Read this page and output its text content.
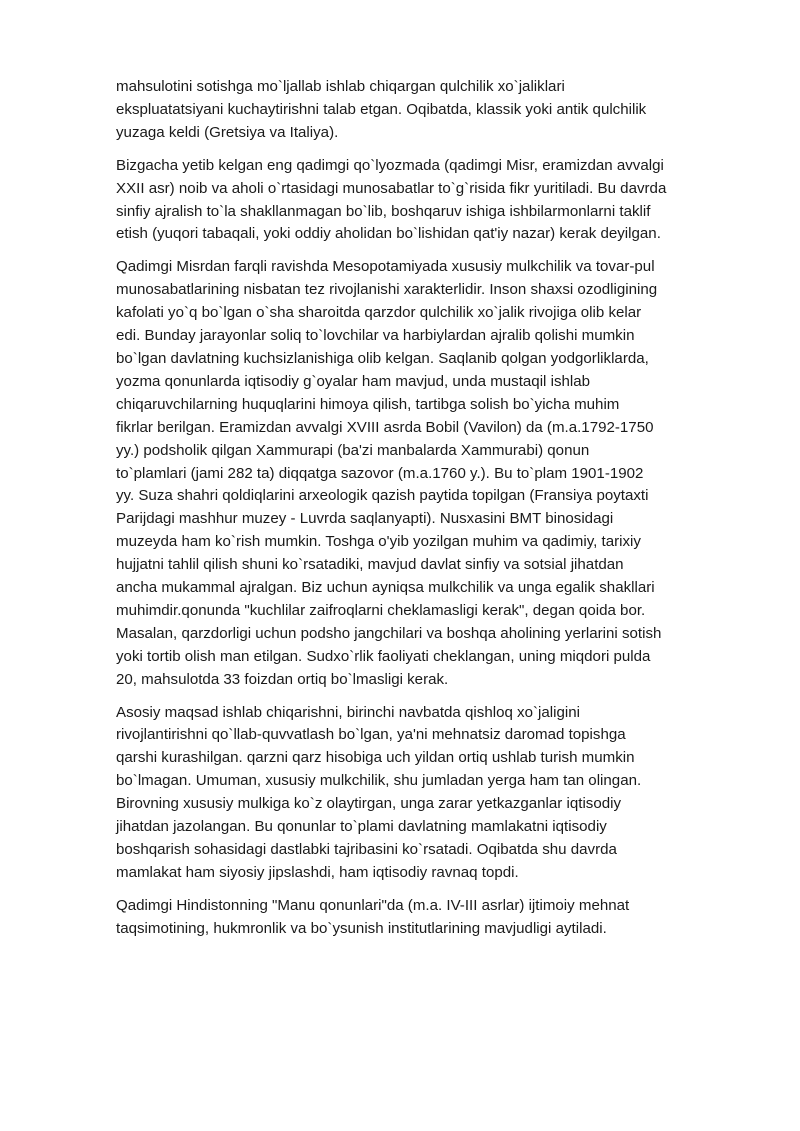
mahsulotini sotishga mo`ljallab ishlab chiqargan qulchilik xo`jaliklari
ekspluatatsiyani kuchaytirishni talab etgan. Oqibatda, klassik yoki antik qulchilik
yuzaga keldi (Gretsiya va Italiya).

Bizgacha yetib kelgan eng qadimgi qo`lyozmada (qadimgi Misr, eramizdan avvalgi
XXII asr) noib va aholi o`rtasidagi munosabatlar to`g`risida fikr yuritiladi. Bu davrda
sinfiy ajralish to`la shakllanmagan bo`lib, boshqaruv ishiga ishbilarmonlarni taklif
etish (yuqori tabaqali, yoki oddiy aholidan bo`lishidan qat'iy nazar) kerak deyilgan.

Qadimgi Misrdan farqli ravishda Mesopotamiyada xususiy mulkchilik va tovar-pul
munosabatlarining nisbatan tez rivojlanishi xarakterlidir. Inson shaxsi ozodligining
kafolati yo`q bo`lgan o`sha sharoitda qarzdor qulchilik xo`jalik rivojiga olib kelar
edi. Bunday jarayonlar soliq to`lovchilar va harbiylardan ajralib qolishi mumkin
bo`lgan davlatning kuchsizlanishiga olib kelgan. Saqlanib qolgan yodgorliklarda,
yozma qonunlarda iqtisodiy g`oyalar ham mavjud, unda mustaqil ishlab
chiqaruvchilarning huquqlarini himoya qilish, tartibga solish bo`yicha muhim
fikrlar berilgan. Eramizdan avvalgi XVIII asrda Bobil (Vavilon) da (m.a.1792-1750
yy.) podsholik qilgan Xammurapi (ba'zi manbalarda Xammurabi) qonun
to`plamlari (jami 282 ta) diqqatga sazovor (m.a.1760 y.). Bu to`plam 1901-1902
yy. Suza shahri qoldiqlarini arxeologik qazish paytida topilgan (Fransiya poytaxti
Parijdagi mashhur muzey - Luvrda saqlanyapti). Nusxasini BMT binosidagi
muzeyda ham ko`rish mumkin. Toshga o'yib yozilgan muhim va qadimiy, tarixiy
hujjatni tahlil qilish shuni ko`rsatadiki, mavjud davlat sinfiy va sotsial jihatdan
ancha mukammal ajralgan. Biz uchun ayniqsa mulkchilik va unga egalik shakllari
muhimdir.qonunda "kuchlilar zaifroqlarni cheklamasligi kerak", degan qoida bor.
Masalan, qarzdorligi uchun podsho jangchilari va boshqa aholining yerlarini sotish
yoki tortib olish man etilgan. Sudxo`rlik faoliyati cheklangan, uning miqdori pulda
20, mahsulotda 33 foizdan ortiq bo`lmasligi kerak.

Asosiy maqsad ishlab chiqarishni, birinchi navbatda qishloq xo`jaligini
rivojlantirishni qo`llab-quvvatlash bo`lgan, ya'ni mehnatsiz daromad topishga
qarshi kurashilgan. qarzni qarz hisobiga uch yildan ortiq ushlab turish mumkin
bo`lmagan. Umuman, xususiy mulkchilik, shu jumladan yerga ham tan olingan.
Birovning xususiy mulkiga ko`z olaytirgan, unga zarar yetkazganlar iqtisodiy
jihatdan jazolangan. Bu qonunlar to`plami davlatning mamlakatni iqtisodiy
boshqarish sohasidagi dastlabki tajribasini ko`rsatadi. Oqibatda shu davrda
mamlakat ham siyosiy jipslashdi, ham iqtisodiy ravnaq topdi.

Qadimgi Hindistonning "Manu qonunlari"da (m.a. IV-III asrlar) ijtimoiy mehnat
taqsimotining, hukmronlik va bo`ysunish institutlarining mavjudligi aytiladi.
